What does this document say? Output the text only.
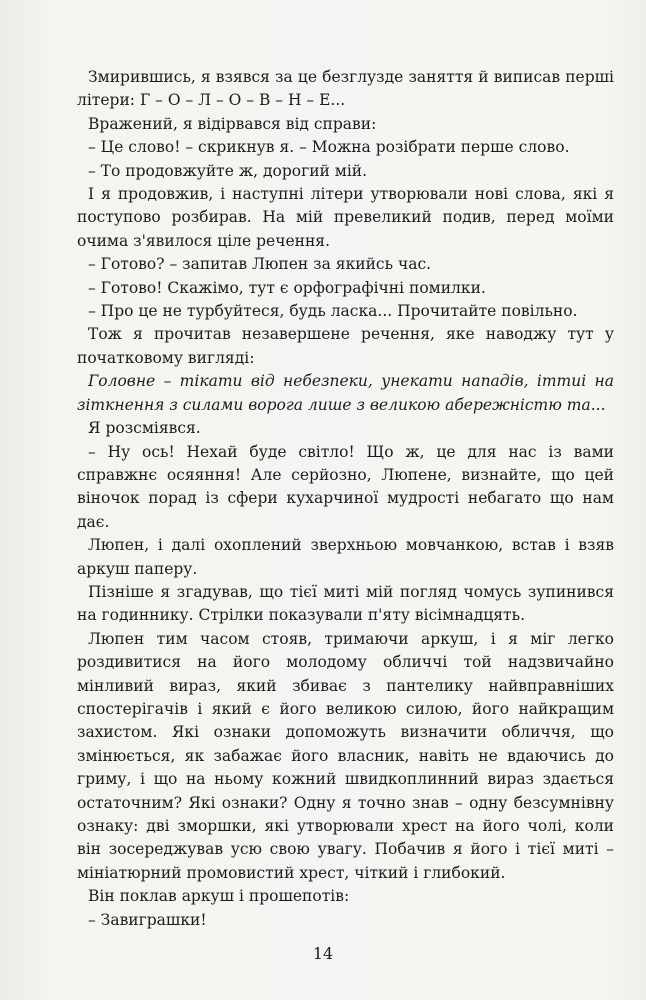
Змирившись, я взявся за це безглузде заняття й виписав перші літери: Г – О – Л – О – В – Н – Е...

Вражений, я відірвався від справи:

– Це слово! – скрикнув я. – Можна розібрати перше слово.

– То продовжуйте ж, дорогий мій.

І я продовжив, і наступні літери утворювали нові слова, які я поступово розбирав. На мій превеликий подив, перед моїми очима з'явилося ціле речення.

– Готово? – запитав Люпен за якийсь час.

– Готово! Скажімо, тут є орфографічні помилки.

– Про це не турбуйтеся, будь ласка... Прочитайте повільно.

Тож я прочитав незавершене речення, яке наводжу тут у початковому вигляді:

Головне – тікати від небезпеки, унекати нападів, іттиі на зіткнення з силами ворога лише з великою абережністю та...

Я розсміявся.

– Ну ось! Нехай буде світло! Що ж, це для нас із вами справжнє осяяння! Але серйозно, Люпене, визнайте, що цей віночок порад із сфери кухарчиної мудрості небагато що нам дає.

Люпен, і далі охоплений зверхньою мовчанкою, встав і взяв аркуш паперу.

Пізніше я згадував, що тієї миті мій погляд чомусь зупинився на годиннику. Стрілки показували п'яту вісімнадцять.

Люпен тим часом стояв, тримаючи аркуш, і я міг легко роздивитися на його молодому обличчі той надзвичайно мінливий вираз, який збиває з пантелику найвправніших спостерігачів і який є його великою силою, його найкращим захистом. Які ознаки допоможуть визначити обличчя, що змінюється, як забажає його власник, навіть не вдаючись до гриму, і що на ньому кожний швидкоплинний вираз здається остаточним? Які ознаки? Одну я точно знав – одну безсумнівну ознаку: дві зморшки, які утворювали хрест на його чолі, коли він зосереджував усю свою увагу. Побачив я його і тієї миті – мініатюрний промовистий хрест, чіткий і глибокий.

Він поклав аркуш і прошепотів:

– Завиграшки!

14
